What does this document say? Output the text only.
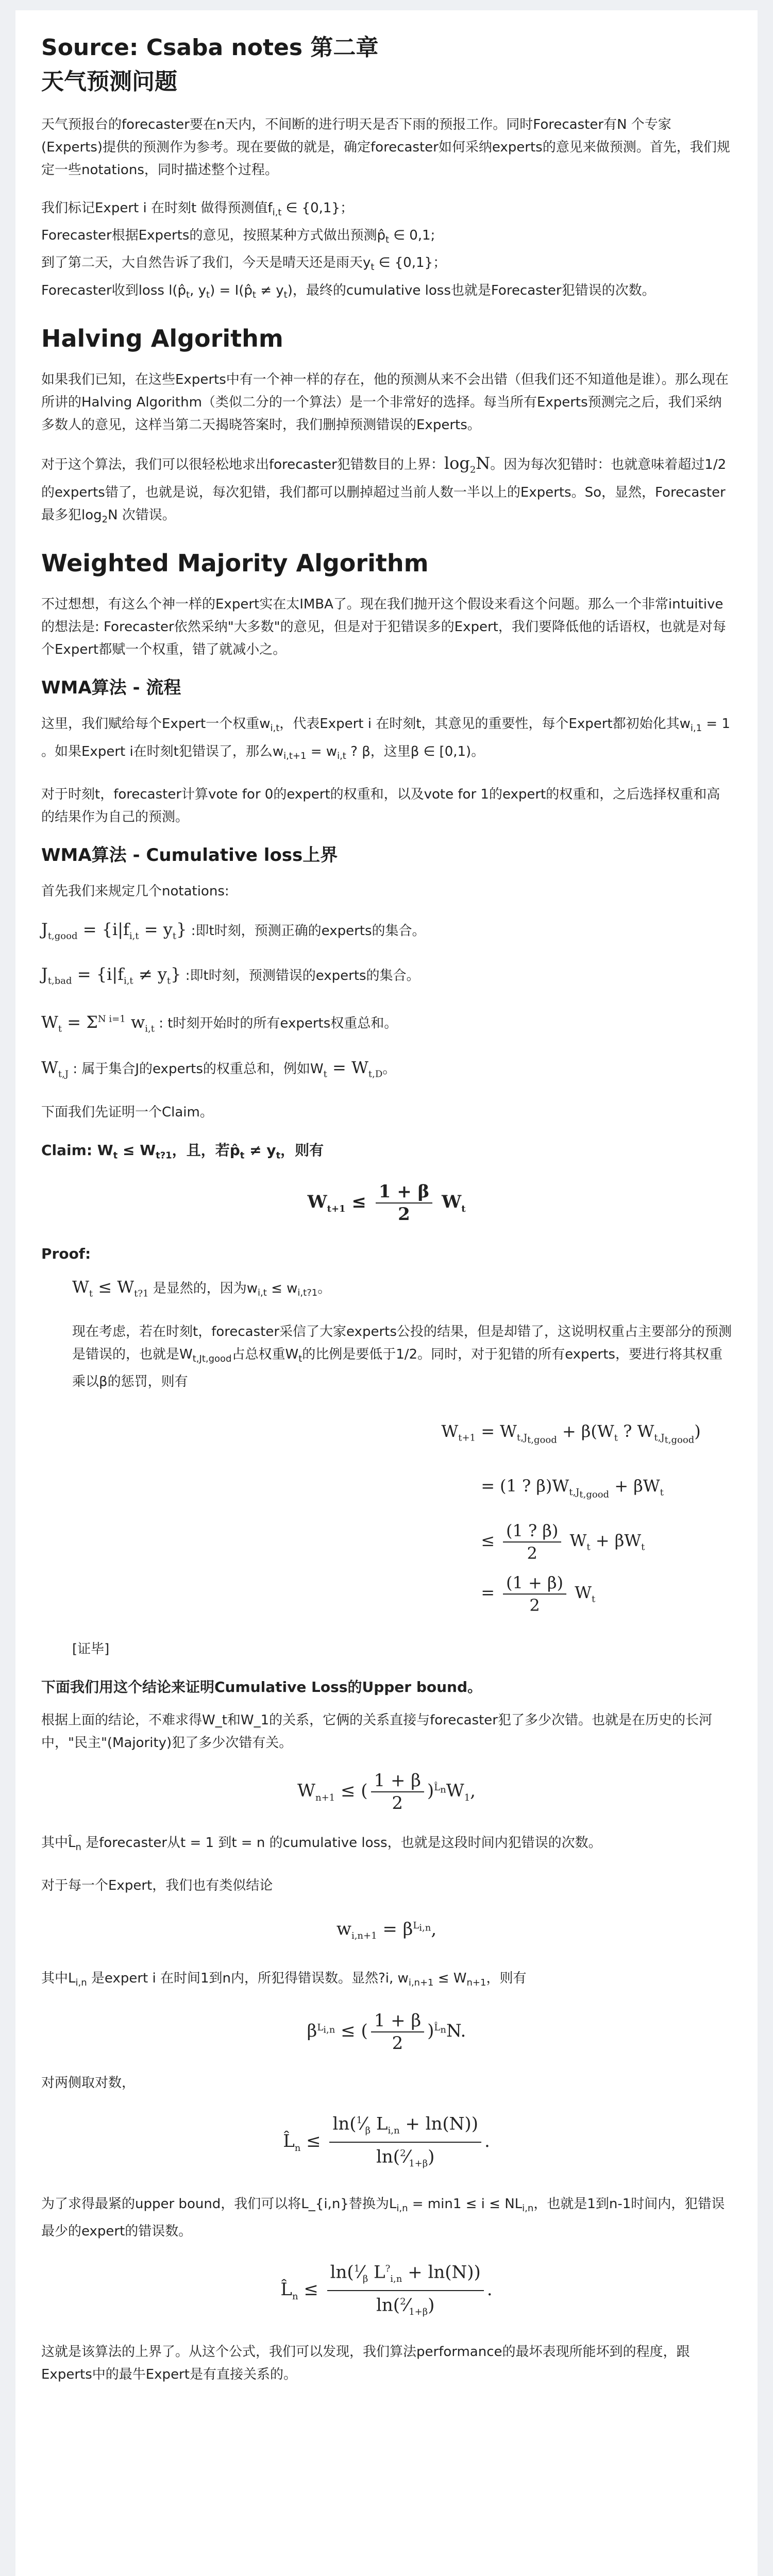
Source: Csaba notes 第二章
天气预测问题

天气预报台的forecaster要在n天内，不间断的进行明天是否下雨的预报工作。同时Forecaster有N 个专家(Experts)提供的预测作为参考。现在要做的就是，确定forecaster如何采纳experts的意见来做预测。首先，我们规定一些notations，同时描述整个过程。

我们标记Expert i 在时刻t 做得预测值$f_{i,t}$ ∈ {0,1}；
Forecaster根据Experts的意见，按照某种方式做出预测$p̂_t$ ∈ 0,1;
到了第二天，大自然告诉了我们，今天是晴天还是雨天$y_t$ ∈ {0,1}；
Forecaster收到loss $l(p̂_t$, $y_t$) = $I(p̂_t \ne y_t)$，最终的cumulative loss也就是Forecaster犯错误的次数。

Halving Algorithm

如果我们已知，在这些Experts中有一个神一样的存在，他的预测从来不会出错（但我们还不知道他是谁）。那么现在所讲的Halving Algorithm（类似二分的一个算法）是一个非常好的选择。每当所有Experts预测完之后，我们采纳多数人的意见，这样当第二天揭晓答案时，我们删掉预测错误的Experts。

对于这个算法，我们可以很轻松地求出forecaster犯错数目的上界：$\log_2N$。因为每次犯错时：也就意味着超过1/2的experts错了，也就是说，每次犯错，我们都可以删掉超过当前人数一半以上的Experts。So，显然，Forecaster最多犯$\log_2N$ 次错误。

Weighted Majority Algorithm

不过想想，有这么个神一样的Expert实在太IMBA了。现在我们抛开这个假设来看这个问题。那么一个非常intuitive的想法是: Forecaster依然采纳"大多数"的意见，但是对于犯错误多的Expert，我们要降低他的话语权，也就是对每个Expert都赋一个权重，错了就减小之。

WMA算法 - 流程

这里，我们赋给每个Expert一个权重$w_{i,t}$，代表Expert i 在时刻t，其意见的重要性，每个Expert都初始化其$w_{i,1} = 1$ 。如果Expert i在时刻t犯错误了，那么$w_{i,t+1} = w_{i,t}$ ? β，这里β ∈ [0,1)。

对于时刻t，forecaster计算vote for 0的expert的权重和，以及vote for 1的expert的权重和，之后选择权重和高的结果作为自己的预测。

WMA算法 - Cumulative loss上界

首先我们来规定几个notations:

$J_{t,good} = \{i|f_{i,t} = y_t\}$ :即t时刻，预测正确的experts的集合。

$J_{t,bad} = \{i|f_{i,t} \ne y_t\}$ :即t时刻，预测错误的experts的集合。

$W_t = \Sigma^{N i=1}$ $w_{i,t}$ : t时刻开始时的所有experts权重总和。

$W_{t,J}$ : 属于集合J的experts的权重总和，例如$W_t = W_{t,D}$。

下面我们先证明一个Claim。

Claim: $W_t \le W_{t?1}$，且，若$p̂_t \ne y_t$，则有

$W_{t+1} \le \frac{1 + \beta}{2} W_t$

Proof:

$W_t \le W_{t?1}$ 是显然的，因为$w_{i,t} \le w_{i,t?1}$。

现在考虑，若在时刻t，forecaster采信了大家experts公投的结果，但是却错了，这说明权重占主要部分的预测是错误的，也就是$W_{t,Jt,good}$占总权重$W_t$的比例是要低于1/2。同时，对于犯错的所有experts，要进行将其权重乘以β的惩罚，则有

$W_{t+1} = W_{t,J_{t,good}} + \beta(W_t$ ? $W_{t,J_{t,good}}$)
= (1 ? $\beta)W_{t,J_{t,good}} + \beta W_t$
≤ $\frac{(1 ? \beta)}{2} W_t + \beta W_t$
= $\frac{(1 + \beta)}{2} W_t$

[证毕]

下面我们用这个结论来证明Cumulative Loss的Upper bound。

根据上面的结论，不难求得W_t和W_1的关系，它俩的关系直接与forecaster犯了多少次错。也就是在历史的长河中，"民主"(Majority)犯了多少次错有关。

$W_{n+1}$ ≤ ( $\frac{1 + \beta}{2} )^{L̂_n}W_1$,

其中$L̂_n$ 是forecaster从t = 1 到t = n 的cumulative loss，也就是这段时间内犯错误的次数。

对于每一个Expert，我们也有类似结论

$w_{i,n+1} = \beta^{L_{i,n}}$,

其中$L_{i,n}$ 是expert i 在时间1到n内，所犯得错误数。显然?i, $w_{i,n+1} \le W_{n+1}$，则有

$\beta^{L_{i,n}}$ ≤ ( $\frac{1 + \beta}{2} )^{L̂_n}N$.

对两侧取对数，

$L̂_n \le \frac{\ln(^1⁄_\beta L_{i,n} + \ln(N))}{\ln(^2⁄_{1+\beta})}$ .

为了求得最紧的upper bound，我们可以将L_{i,n}替换为$L_{i,n} = \min 1 \le i \le NL_{i,n}$，也就是1到n-1时间内，犯错误最少的expert的错误数。

$L̂_n \le \frac{\ln(^1⁄_\beta L^?_{i,n} + \ln(N))}{\ln(^2⁄_{1+\beta})}$ .

这就是该算法的上界了。从这个公式，我们可以发现，我们算法performance的最坏表现所能坏到的程度，跟Experts中的最牛Expert是有直接关系的。
